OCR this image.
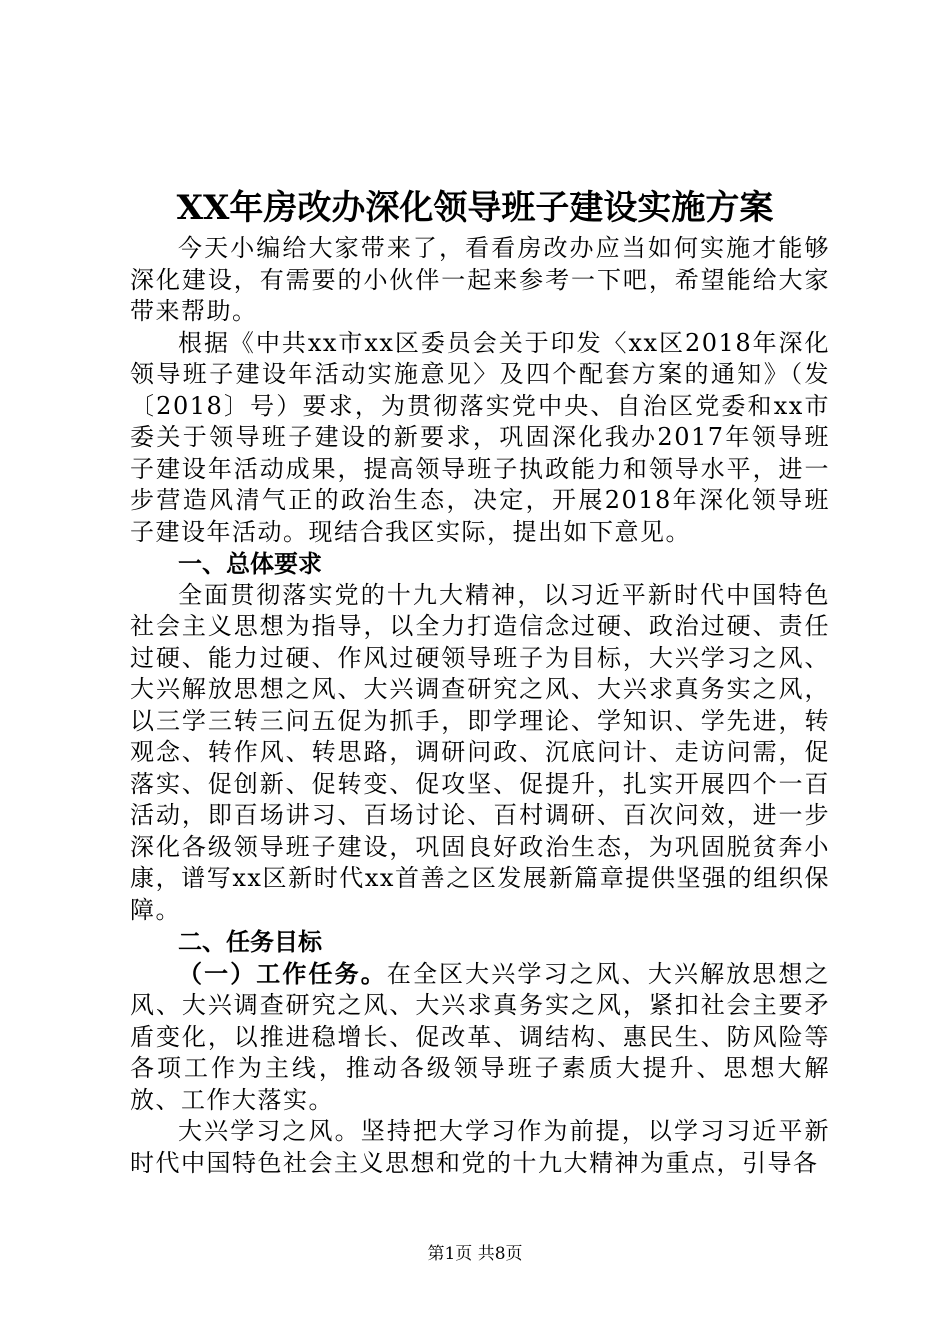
XX年房改办深化领导班子建设实施方案

今天小编给大家带来了，看看房改办应当如何实施才能够深化建设，有需要的小伙伴一起来参考一下吧，希望能给大家带来帮助。

根据《中共xx市xx区委员会关于印发〈xx区2018年深化领导班子建设年活动实施意见〉及四个配套方案的通知》（发〔2018〕号）要求，为贯彻落实党中央、自治区党委和xx市委关于领导班子建设的新要求，巩固深化我办2017年领导班子建设年活动成果，提高领导班子执政能力和领导水平，进一步营造风清气正的政治生态，决定，开展2018年深化领导班子建设年活动。现结合我区实际，提出如下意见。

一、总体要求

全面贯彻落实党的十九大精神，以习近平新时代中国特色社会主义思想为指导，以全力打造信念过硬、政治过硬、责任过硬、能力过硬、作风过硬领导班子为目标，大兴学习之风、大兴解放思想之风、大兴调查研究之风、大兴求真务实之风，以三学三转三问五促为抓手，即学理论、学知识、学先进，转观念、转作风、转思路，调研问政、沉底问计、走访问需，促落实、促创新、促转变、促攻坚、促提升，扎实开展四个一百活动，即百场讲习、百场讨论、百村调研、百次问效，进一步深化各级领导班子建设，巩固良好政治生态，为巩固脱贫奔小康，谱写xx区新时代xx首善之区发展新篇章提供坚强的组织保障。

二、任务目标

（一）工作任务。在全区大兴学习之风、大兴解放思想之风、大兴调查研究之风、大兴求真务实之风，紧扣社会主要矛盾变化，以推进稳增长、促改革、调结构、惠民生、防风险等各项工作为主线，推动各级领导班子素质大提升、思想大解放、工作大落实。

大兴学习之风。坚持把大学习作为前提，以学习习近平新时代中国特色社会主义思想和党的十九大精神为重点，引导各

第1页 共8页
